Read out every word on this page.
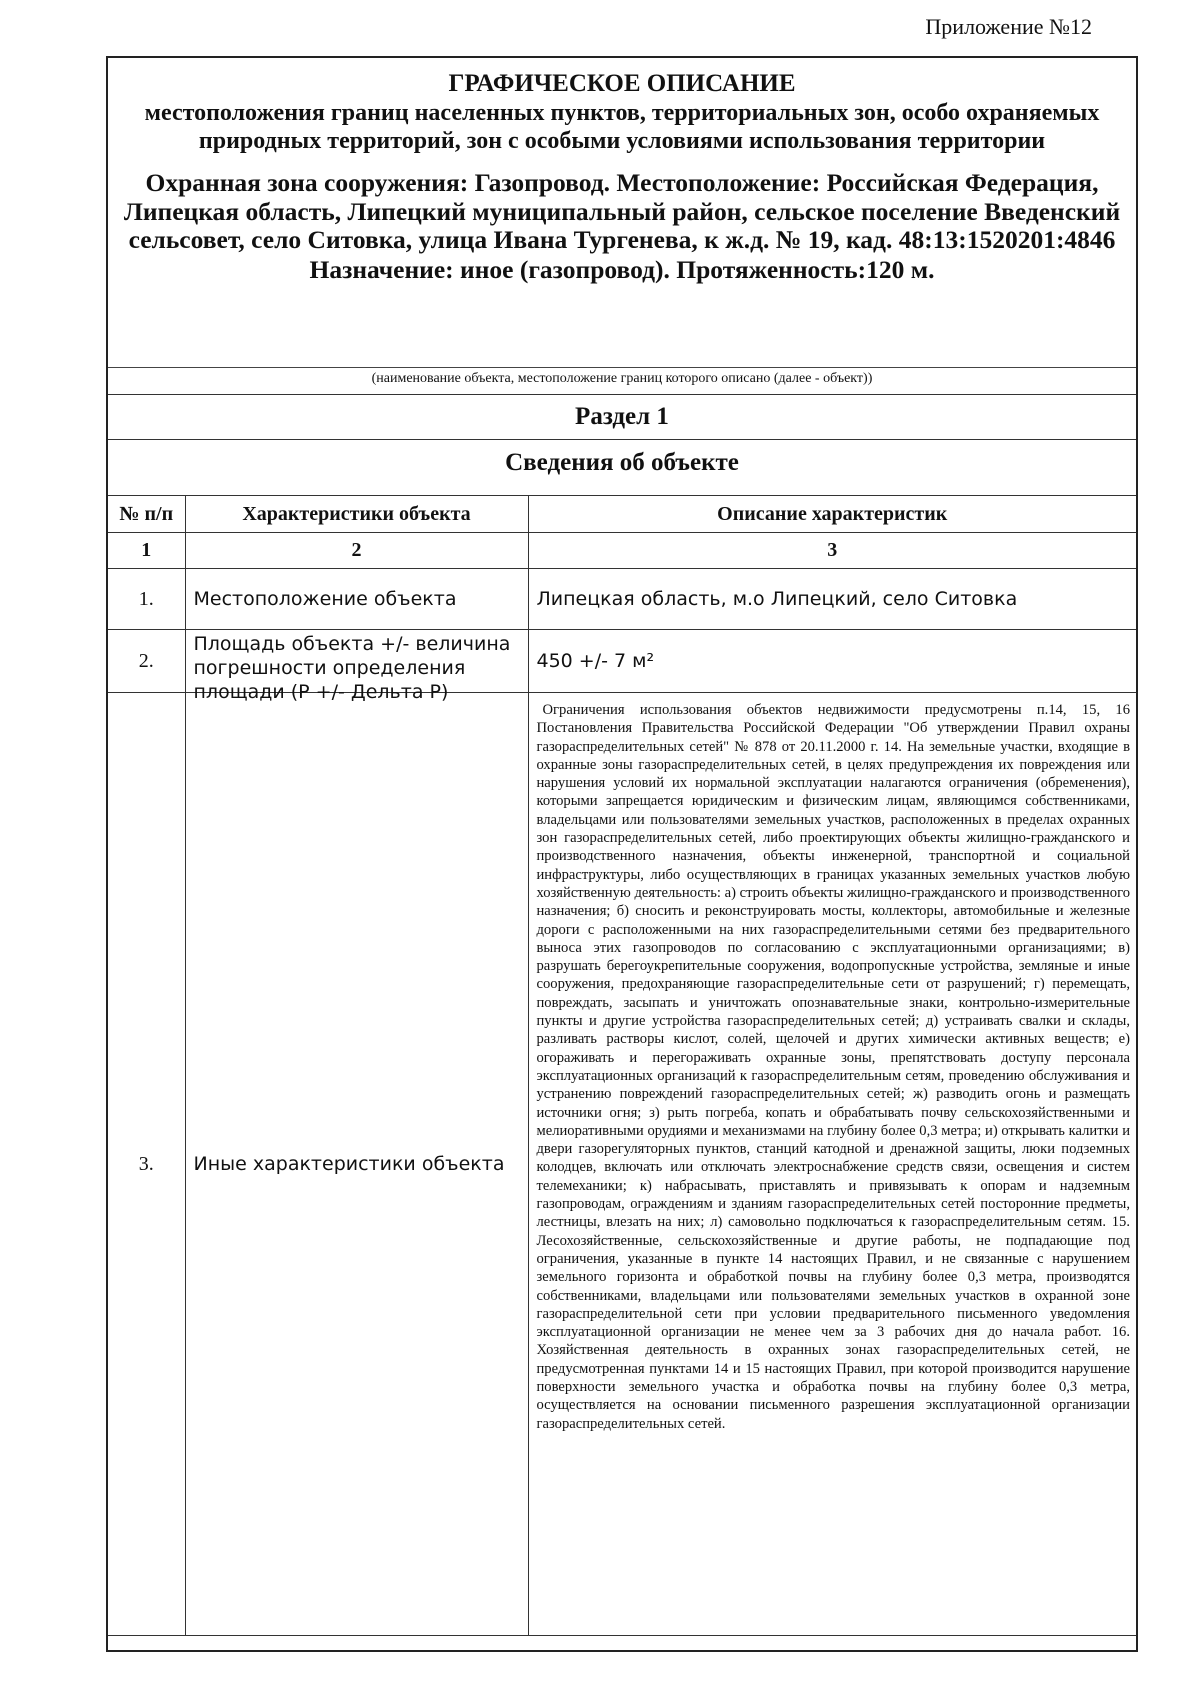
Приложение №12
ГРАФИЧЕСКОЕ ОПИСАНИЕ
местоположения границ населенных пунктов, территориальных зон, особо охраняемых природных территорий, зон с особыми условиями использования территории
Охранная зона сооружения: Газопровод. Местоположение: Российская Федерация, Липецкая область, Липецкий муниципальный район, сельское поселение Введенский сельсовет, село Ситовка, улица Ивана Тургенева, к ж.д. № 19, кад. 48:13:1520201:4846
Назначение: иное (газопровод). Протяженность:120 м.
(наименование объекта, местоположение границ которого описано (далее - объект))
Раздел 1
Сведения об объекте
№ п/п	Характеристики объекта	Описание характеристик
1	2	3
1.	Местоположение объекта	Липецкая область, м.о Липецкий, село Ситовка
2.	Площадь объекта +/- величина погрешности определения площади (Р +/- Дельта Р)	450 +/- 7 м²
3.	Иные характеристики объекта	Ограничения использования объектов недвижимости предусмотрены п.14, 15, 16 Постановления Правительства Российской Федерации "Об утверждении Правил охраны газораспределительных сетей" № 878 от 20.11.2000 г. 14. На земельные участки, входящие в охранные зоны газораспределительных сетей, в целях предупреждения их повреждения или нарушения условий их нормальной эксплуатации налагаются ограничения (обременения), которыми запрещается юридическим и физическим лицам, являющимся собственниками, владельцами или пользователями земельных участков, расположенных в пределах охранных зон газораспределительных сетей, либо проектирующих объекты жилищно-гражданского и производственного назначения, объекты инженерной, транспортной и социальной инфраструктуры, либо осуществляющих в границах указанных земельных участков любую хозяйственную деятельность: а) строить объекты жилищно-гражданского и производственного назначения; б) сносить и реконструировать мосты, коллекторы, автомобильные и железные дороги с расположенными на них газораспределительными сетями без предварительного выноса этих газопроводов по согласованию с эксплуатационными организациями; в) разрушать берегоукрепительные сооружения, водопропускные устройства, земляные и иные сооружения, предохраняющие газораспределительные сети от разрушений; г) перемещать, повреждать, засыпать и уничтожать опознавательные знаки, контрольно-измерительные пункты и другие устройства газораспределительных сетей; д) устраивать свалки и склады, разливать растворы кислот, солей, щелочей и других химически активных веществ; е) огораживать и перегораживать охранные зоны, препятствовать доступу персонала эксплуатационных организаций к газораспределительным сетям, проведению обслуживания и устранению повреждений газораспределительных сетей; ж) разводить огонь и размещать источники огня; з) рыть погреба, копать и обрабатывать почву сельскохозяйственными и мелиоративными орудиями и механизмами на глубину более 0,3 метра; и) открывать калитки и двери газорегуляторных пунктов, станций катодной и дренажной защиты, люки подземных колодцев, включать или отключать электроснабжение средств связи, освещения и систем телемеханики; к) набрасывать, приставлять и привязывать к опорам и надземным газопроводам, ограждениям и зданиям газораспределительных сетей посторонние предметы, лестницы, влезать на них; л) самовольно подключаться к газораспределительным сетям. 15. Лесохозяйственные, сельскохозяйственные и другие работы, не подпадающие под ограничения, указанные в пункте 14 настоящих Правил, и не связанные с нарушением земельного горизонта и обработкой почвы на глубину более 0,3 метра, производятся собственниками, владельцами или пользователями земельных участков в охранной зоне газораспределительной сети при условии предварительного письменного уведомления эксплуатационной организации не менее чем за 3 рабочих дня до начала работ. 16. Хозяйственная деятельность в охранных зонах газораспределительных сетей, не предусмотренная пунктами 14 и 15 настоящих Правил, при которой производится нарушение поверхности земельного участка и обработка почвы на глубину более 0,3 метра, осуществляется на основании письменного разрешения эксплуатационной организации газораспределительных сетей.
